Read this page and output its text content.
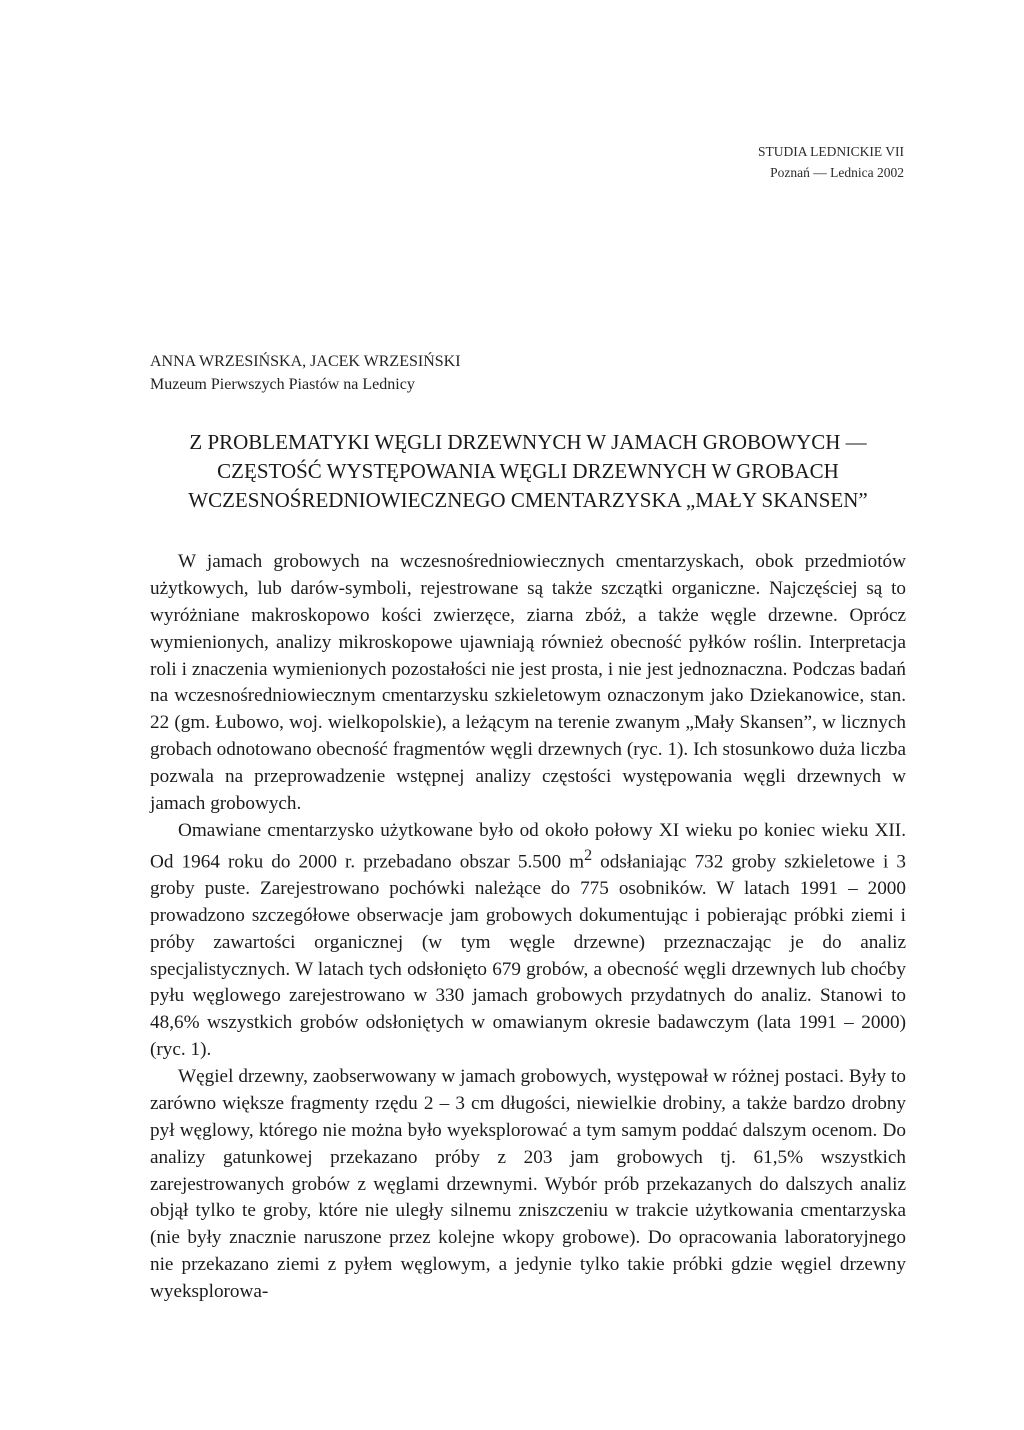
STUDIA LEDNICKIE VII
Poznań — Lednica 2002
ANNA WRZESIŃSKA, JACEK WRZESIŃSKI
Muzeum Pierwszych Piastów na Lednicy
Z PROBLEMATYKI WĘGLI DRZEWNYCH W JAMACH GROBOWYCH —
CZĘSTOŚĆ WYSTĘPOWANIA WĘGLI DRZEWNYCH W GROBACH
WCZESNOŚREDNIOWIECZNEGO CMENTARZYSKA „MAŁY SKANSEN”

W jamach grobowych na wczesnośredniowiecznych cmentarzyskach, obok przedmiotów użytkowych, lub darów-symboli, rejestrowane są także szczątki organiczne. Najczęściej są to wyróżniane makroskopowo kości zwierzęce, ziarna zbóż, a także węgle drzewne. Oprócz wymienionych, analizy mikroskopowe ujawniają również obecność pyłków roślin. Interpretacja roli i znaczenia wymienionych pozostałości nie jest prosta, i nie jest jednoznaczna. Podczas badań na wczesnośredniowiecznym cmentarzysku szkieletowym oznaczonym jako Dziekanowice, stan. 22 (gm. Łubowo, woj. wielkopolskie), a leżącym na terenie zwanym „Mały Skansen”, w licznych grobach odnotowano obecność fragmentów węgli drzewnych (ryc. 1). Ich stosunkowo duża liczba pozwala na przeprowadzenie wstępnej analizy częstości występowania węgli drzewnych w jamach grobowych.

Omawiane cmentarzysko użytkowane było od około połowy XI wieku po koniec wieku XII. Od 1964 roku do 2000 r. przebadano obszar 5.500 $m^2$ odsłaniając 732 groby szkieletowe i 3 groby puste. Zarejestrowano pochówki należące do 775 osobników. W latach 1991 – 2000 prowadzono szczegółowe obserwacje jam grobowych dokumentując i pobierając próbki ziemi i próby zawartości organicznej (w tym węgle drzewne) przeznaczając je do analiz specjalistycznych. W latach tych odsłonięto 679 grobów, a obecność węgli drzewnych lub choćby pyłu węglowego zarejestrowano w 330 jamach grobowych przydatnych do analiz. Stanowi to 48,6% wszystkich grobów odsłoniętych w omawianym okresie badawczym (lata 1991 – 2000) (ryc. 1).

Węgiel drzewny, zaobserwowany w jamach grobowych, występował w różnej postaci. Były to zarówno większe fragmenty rzędu 2 – 3 cm długości, niewielkie drobiny, a także bardzo drobny pył węglowy, którego nie można było wyeksplorować a tym samym poddać dalszym ocenom. Do analizy gatunkowej przekazano próby z 203 jam grobowych tj. 61,5% wszystkich zarejestrowanych grobów z węglami drzewnymi. Wybór prób przekazanych do dalszych analiz objął tylko te groby, które nie uległy silnemu zniszczeniu w trakcie użytkowania cmentarzyska (nie były znacznie naruszone przez kolejne wkopy grobowe). Do opracowania laboratoryjnego nie przekazano ziemi z pyłem węglowym, a jedynie tylko takie próbki gdzie węgiel drzewny wyeksplorowa-
